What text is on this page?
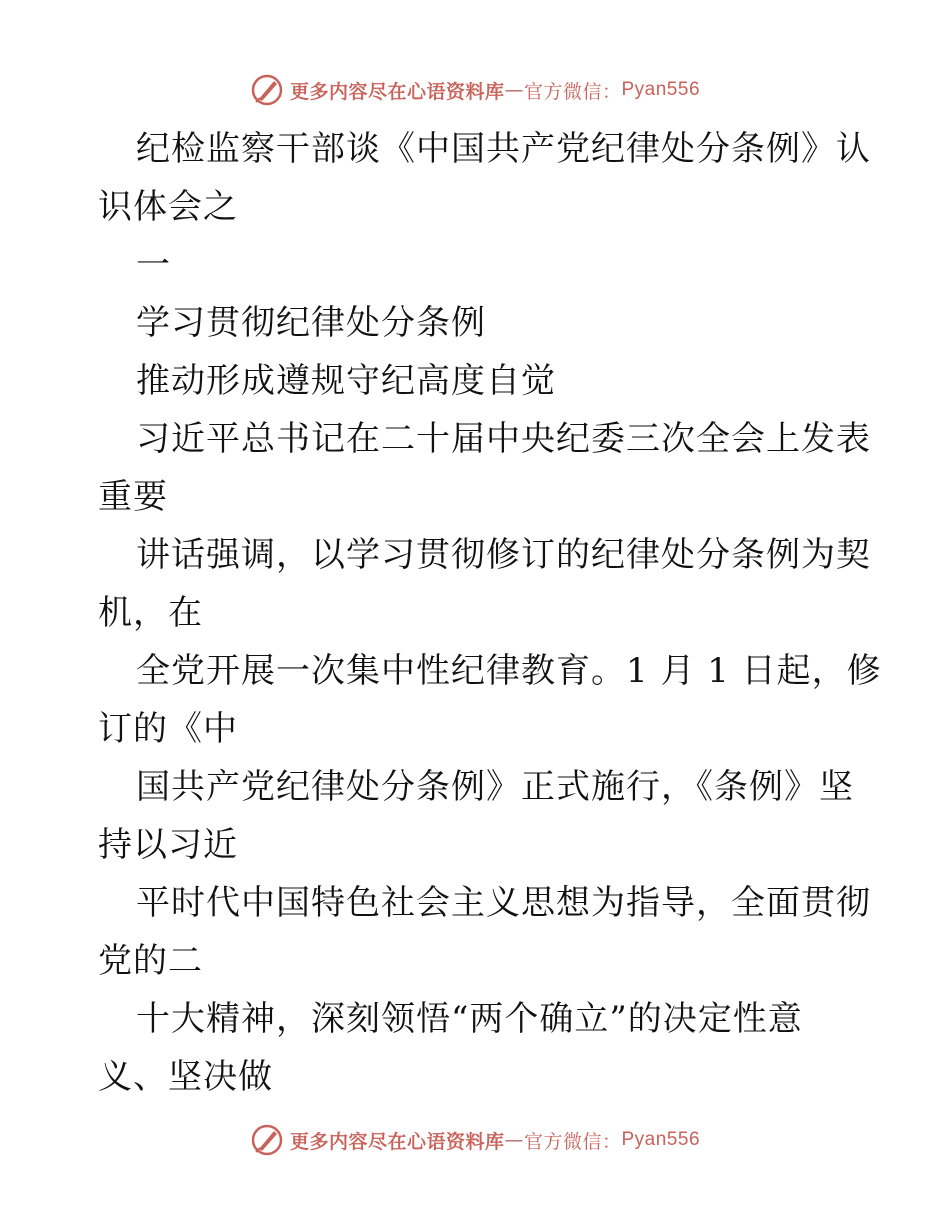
更多内容尽在心语资料库 — 官方微信： Pyan556
纪检监察干部谈《中国共产党纪律处分条例》认
识体会之
一
学习贯彻纪律处分条例
推动形成遵规守纪高度自觉
习近平总书记在二十届中央纪委三次全会上发表
重要
讲话强调，以学习贯彻修订的纪律处分条例为契
机，在
全党开展一次集中性纪律教育。1 月 1 日起，修
订的《中
国共产党纪律处分条例》正式施行，《条例》坚
持以习近
平时代中国特色社会主义思想为指导，全面贯彻
党的二
十大精神，深刻领悟“两个确立”的决定性意
义、坚决做
更多内容尽在心语资料库 — 官方微信： Pyan556
